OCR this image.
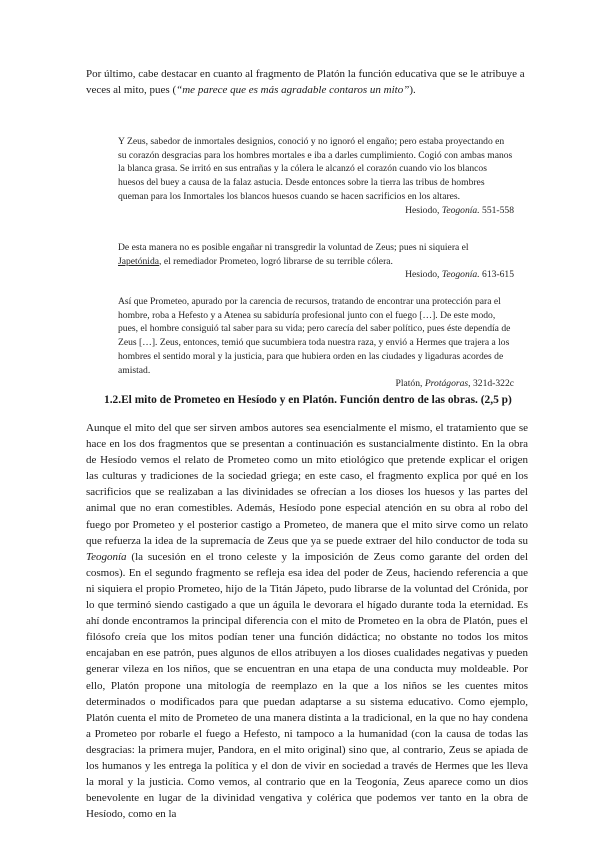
Por último, cabe destacar en cuanto al fragmento de Platón la función educativa que se le atribuye a veces al mito, pues (“me parece que es más agradable contaros un mito”).

Y Zeus, sabedor de inmortales designios, conoció y no ignoró el engaño; pero estaba proyectando en su corazón desgracias para los hombres mortales e iba a darles cumplimiento. Cogió con ambas manos la blanca grasa. Se irritó en sus entrañas y la cólera le alcanzó el corazón cuando vio los blancos huesos del buey a causa de la falaz astucia. Desde entonces sobre la tierra las tribus de hombres queman para los Inmortales los blancos huesos cuando se hacen sacrificios en los altares.

Hesiodo, Teogonía. 551-558

De esta manera no es posible engañar ni transgredir la voluntad de Zeus; pues ni siquiera el Japetónida, el remediador Prometeo, logró librarse de su terrible cólera.

Hesiodo, Teogonía. 613-615

Así que Prometeo, apurado por la carencia de recursos, tratando de encontrar una protección para el hombre, roba a Hefesto y a Atenea su sabiduría profesional junto con el fuego […]. De este modo, pues, el hombre consiguió tal saber para su vida; pero carecía del saber político, pues éste dependía de Zeus […]. Zeus, entonces, temió que sucumbiera toda nuestra raza, y envió a Hermes que trajera a los hombres el sentido moral y la justicia, para que hubiera orden en las ciudades y ligaduras acordes de amistad.

Platón, Protágoras, 321d-322c

1.2.El mito de Prometeo en Hesíodo y en Platón. Función dentro de las obras. (2,5 p)

Aunque el mito del que ser sirven ambos autores sea esencialmente el mismo, el tratamiento que se hace en los dos fragmentos que se presentan a continuación es sustancialmente distinto. En la obra de Hesíodo vemos el relato de Prometeo como un mito etiológico que pretende explicar el origen las culturas y tradiciones de la sociedad griega; en este caso, el fragmento explica por qué en los sacrificios que se realizaban a las divinidades se ofrecían a los dioses los huesos y las partes del animal que no eran comestibles. Además, Hesíodo pone especial atención en su obra al robo del fuego por Prometeo y el posterior castigo a Prometeo, de manera que el mito sirve como un relato que refuerza la idea de la supremacía de Zeus que ya se puede extraer del hilo conductor de toda su Teogonía (la sucesión en el trono celeste y la imposición de Zeus como garante del orden del cosmos). En el segundo fragmento se refleja esa idea del poder de Zeus, haciendo referencia a que ni siquiera el propio Prometeo, hijo de la Titán Jápeto, pudo librarse de la voluntad del Crónida, por lo que terminó siendo castigado a que un águila le devorara el hígado durante toda la eternidad. Es ahí donde encontramos la principal diferencia con el mito de Prometeo en la obra de Platón, pues el filósofo creía que los mitos podían tener una función didáctica; no obstante no todos los mitos encajaban en ese patrón, pues algunos de ellos atribuyen a los dioses cualidades negativas y pueden generar vileza en los niños, que se encuentran en una etapa de una conducta muy moldeable. Por ello, Platón propone una mitología de reemplazo en la que a los niños se les cuentes mitos determinados o modificados para que puedan adaptarse a su sistema educativo. Como ejemplo, Platón cuenta el mito de Prometeo de una manera distinta a la tradicional, en la que no hay condena a Prometeo por robarle el fuego a Hefesto, ni tampoco a la humanidad (con la causa de todas las desgracias: la primera mujer, Pandora, en el mito original) sino que, al contrario, Zeus se apiada de los humanos y les entrega la política y el don de vivir en sociedad a través de Hermes que les lleva la moral y la justicia. Como vemos, al contrario que en la Teogonía, Zeus aparece como un dios benevolente en lugar de la divinidad vengativa y colérica que podemos ver tanto en la obra de Hesíodo, como en la
